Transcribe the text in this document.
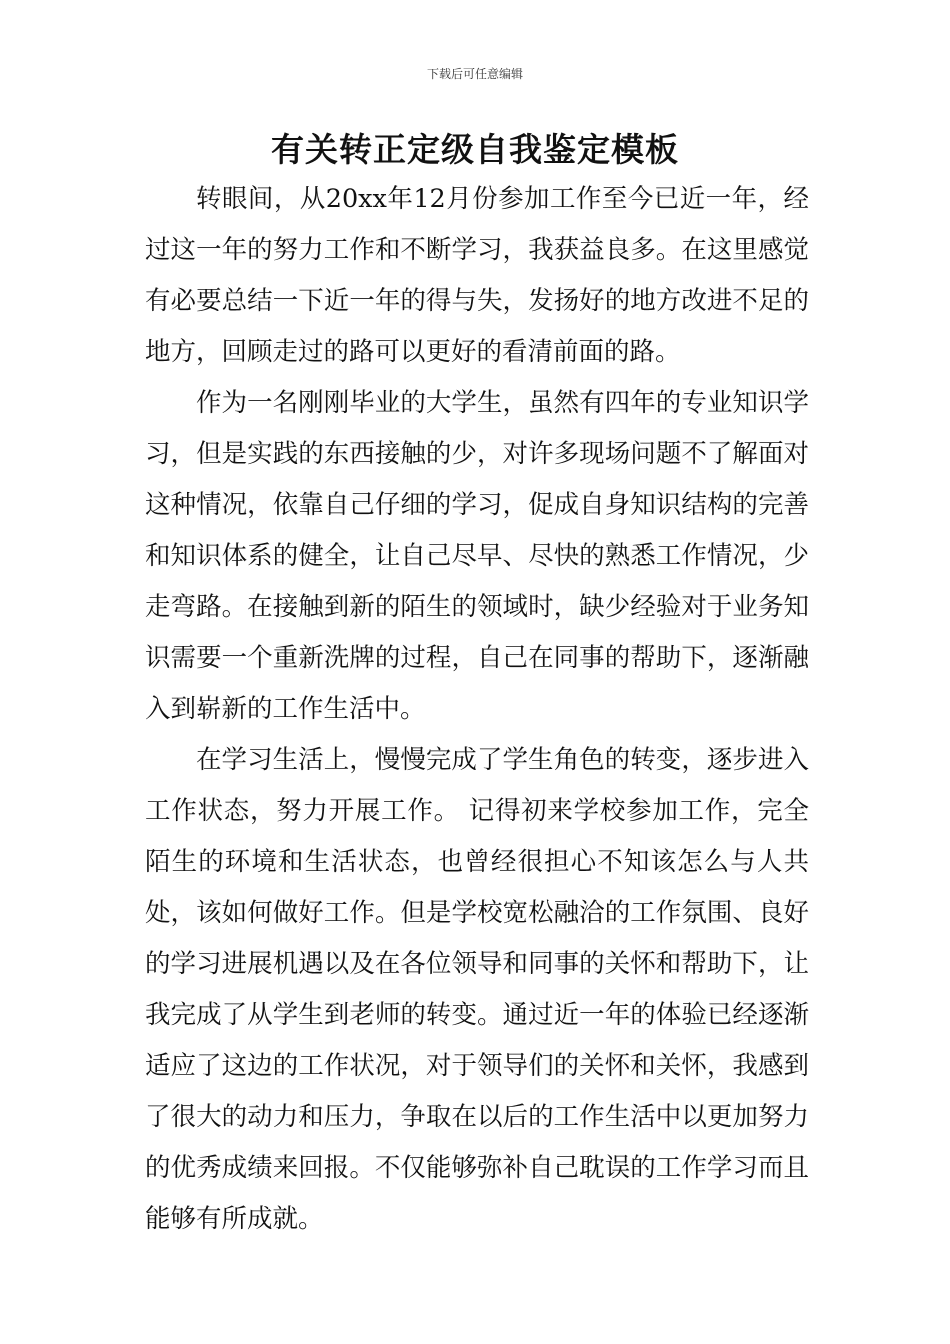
下载后可任意编辑
有关转正定级自我鉴定模板

转眼间，从20xx年12月份参加工作至今已近一年，经过这一年的努力工作和不断学习，我获益良多。在这里感觉有必要总结一下近一年的得与失，发扬好的地方改进不足的地方，回顾走过的路可以更好的看清前面的路。

作为一名刚刚毕业的大学生，虽然有四年的专业知识学习，但是实践的东西接触的少，对许多现场问题不了解面对这种情况，依靠自己仔细的学习，促成自身知识结构的完善和知识体系的健全，让自己尽早、尽快的熟悉工作情况，少走弯路。在接触到新的陌生的领域时，缺少经验对于业务知识需要一个重新洗牌的过程，自己在同事的帮助下，逐渐融入到崭新的工作生活中。

在学习生活上，慢慢完成了学生角色的转变，逐步进入工作状态，努力开展工作。 记得初来学校参加工作，完全陌生的环境和生活状态，也曾经很担心不知该怎么与人共处，该如何做好工作。但是学校宽松融洽的工作氛围、良好的学习进展机遇以及在各位领导和同事的关怀和帮助下，让我完成了从学生到老师的转变。通过近一年的体验已经逐渐适应了这边的工作状况，对于领导们的关怀和关怀，我感到了很大的动力和压力，争取在以后的工作生活中以更加努力的优秀成绩来回报。不仅能够弥补自己耽误的工作学习而且能够有所成就。
